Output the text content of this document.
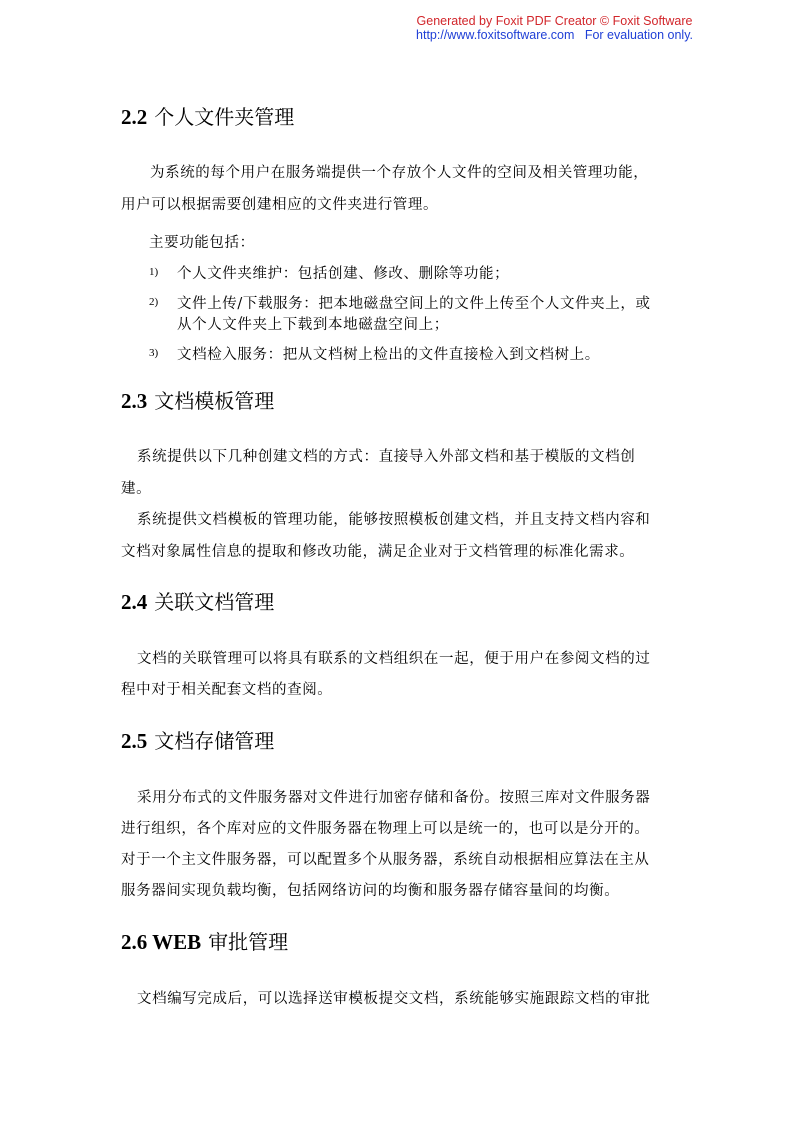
Generated by Foxit PDF Creator © Foxit Software
http://www.foxitsoftware.com   For evaluation only.
2.2 个人文件夹管理
为系统的每个用户在服务端提供一个存放个人文件的空间及相关管理功能，
用户可以根据需要创建相应的文件夹进行管理。
主要功能包括：
1) 个人文件夹维护：包括创建、修改、删除等功能；
2) 文件上传/下载服务：把本地磁盘空间上的文件上传至个人文件夹上，或
从个人文件夹上下载到本地磁盘空间上；
3) 文档检入服务：把从文档树上检出的文件直接检入到文档树上。
2.3 文档模板管理
系统提供以下几种创建文档的方式：直接导入外部文档和基于模版的文档创
建。
系统提供文档模板的管理功能，能够按照模板创建文档，并且支持文档内容和
文档对象属性信息的提取和修改功能，满足企业对于文档管理的标准化需求。
2.4 关联文档管理
文档的关联管理可以将具有联系的文档组织在一起，便于用户在参阅文档的过
程中对于相关配套文档的查阅。
2.5 文档存储管理
采用分布式的文件服务器对文件进行加密存储和备份。按照三库对文件服务器
进行组织，各个库对应的文件服务器在物理上可以是统一的，也可以是分开的。
对于一个主文件服务器，可以配置多个从服务器，系统自动根据相应算法在主从
服务器间实现负载均衡，包括网络访问的均衡和服务器存储容量间的均衡。
2.6 WEB 审批管理
文档编写完成后，可以选择送审模板提交文档，系统能够实施跟踪文档的审批
